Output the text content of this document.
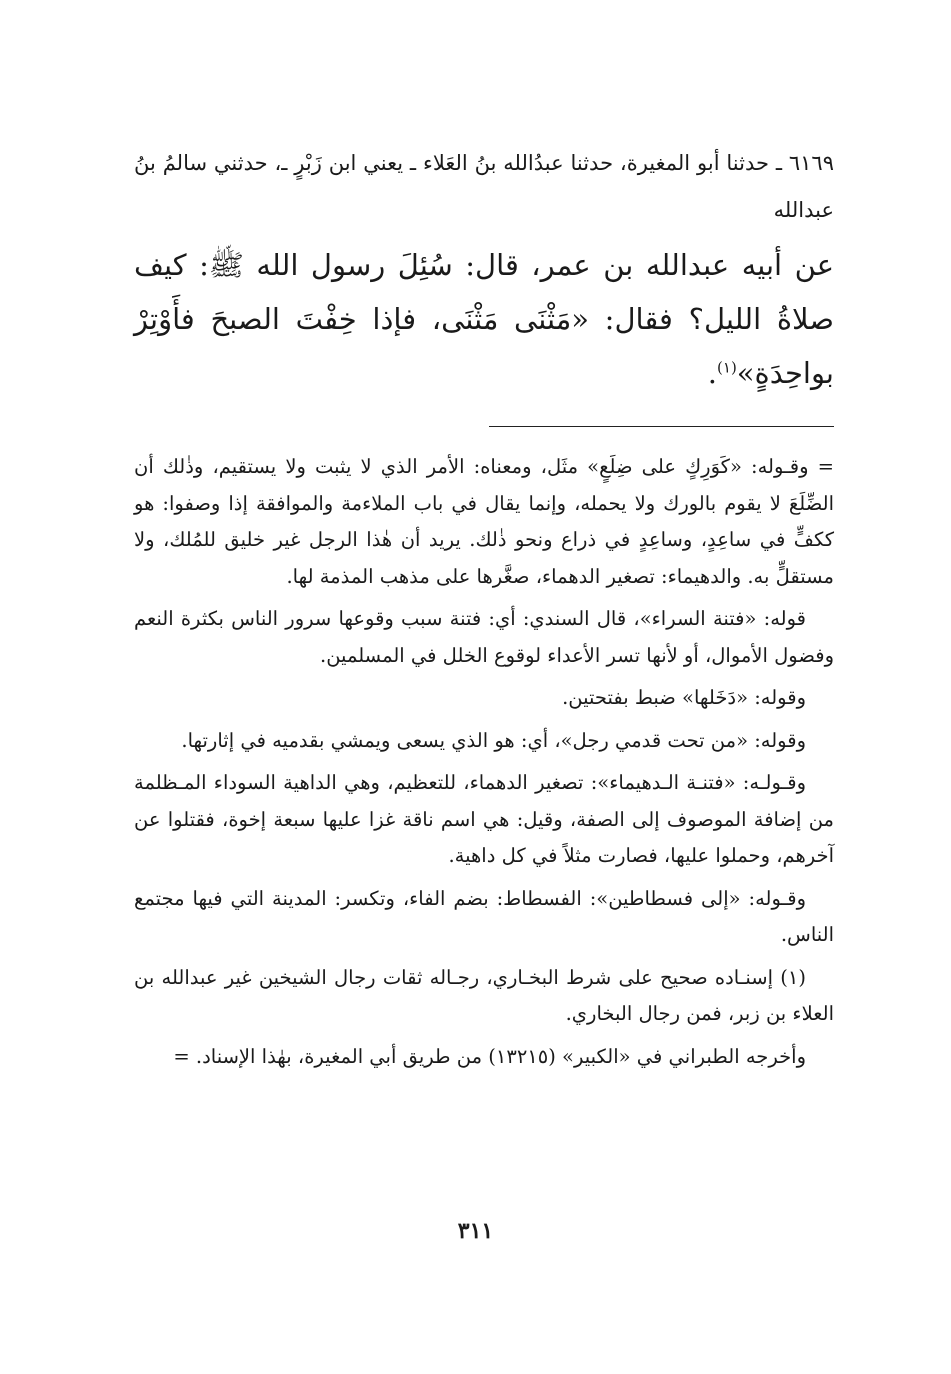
٦١٦٩ ـ حدثنا أبو المغيرة، حدثنا عبدُالله بنُ العَلاء ـ يعني ابن زَبْرٍ ـ، حدثني سالمُ بنُ عبدالله

عن أبيه عبدالله بن عمر، قال: سُئِلَ رسول الله ﷺ: كيف صلاةُ الليل؟ فقال: «مَثْنَى مَثْنَى، فإذا خِفْتَ الصبحَ فأَوْتِرْ بواحِدَةٍ»$^{(١)}$.

= وقـوله: «كَوَرِكٍ على ضِلَعٍ» مثَل، ومعناه: الأمر الذي لا يثبت ولا يستقيم، وذٰلك أن الضِّلَعَ لا يقوم بالورك ولا يحمله، وإنما يقال في باب الملاءمة والموافقة إذا وصفوا: هو ككفٍّ في ساعِدٍ، وساعِدٍ في ذراع ونحو ذٰلك. يريد أن هٰذا الرجل غير خليق للمُلك، ولا مستقلٍّ به. والدهيماء: تصغير الدهماء، صغَّرها على مذهب المذمة لها.

قوله: «فتنة السراء»، قال السندي: أي: فتنة سبب وقوعها سرور الناس بكثرة النعم وفضول الأموال، أو لأنها تسر الأعداء لوقوع الخلل في المسلمين.

وقوله: «دَخَلها» ضبط بفتحتين.

وقوله: «من تحت قدمي رجل»، أي: هو الذي يسعى ويمشي بقدميه في إثارتها.

وقـولـه: «فتنـة الـدهيماء»: تصغير الدهماء، للتعظيم، وهي الداهية السوداء المـظلمة من إضافة الموصوف إلى الصفة، وقيل: هي اسم ناقة غزا عليها سبعة إخوة، فقتلوا عن آخرهم، وحملوا عليها، فصارت مثلاً في كل داهية.

وقـوله: «إلى فسطاطين»: الفسطاط: بضم الفاء، وتكسر: المدينة التي فيها مجتمع الناس.

(١) إسنـاده صحيح على شرط البخـاري، رجـاله ثقات رجال الشيخين غير عبدالله بن العلاء بن زبر، فمن رجال البخاري.

وأخرجه الطبراني في «الكبير» (١٣٢١٥) من طريق أبي المغيرة، بهٰذا الإسناد. =

٣١١
